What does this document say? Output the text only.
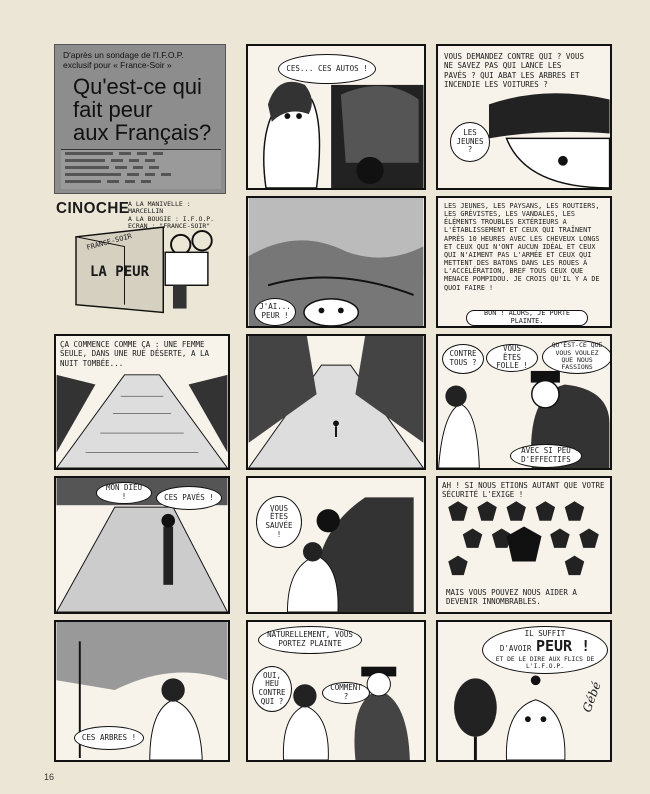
D'après un sondage de l'I.F.O.P.
exclusif pour « France-Soir »
Qu'est-ce qui
fait peur
aux Français?
CES... CES AUTOS !
VOUS DEMANDEZ CONTRE QUI ? VOUS NE SAVEZ PAS QUI LANCE LES PAVÉS ? QUI ABAT LES ARBRES ET INCENDIE LES VOITURES ?
LES JEUNES ?
CINOCHE
A LA MANIVELLE : MARCELLIN
A LA BOUGIE : I.F.O.P.
ECRAN : "FRANCE-SOIR"
FRANCE-SOIR
LA PEUR
J'AI... PEUR !
LES JEUNES, LES PAYSANS, LES ROUTIERS, LES GRÉVISTES, LES VANDALES, LES ÉLÉMENTS TROUBLES EXTÉRIEURS A L'ÉTABLISSEMENT ET CEUX QUI TRAÎNENT APRÈS 10 HEURES AVEC LES CHEVEUX LONGS ET CEUX QUI N'ONT AUCUN IDÉAL ET CEUX QUI N'AIMENT PAS L'ARMÉE ET CEUX QUI METTENT DES BATONS DANS LES ROUES À L'ACCÉLÉRATION, BREF TOUS CEUX QUE MENACE POMPIDOU. JE CROIS QU'IL Y A DE QUOI FAIRE !
BON ! ALORS, JE PORTE PLAINTE.
ÇA COMMENCE COMME ÇA : UNE FEMME SEULE, DANS UNE RUE DÉSERTE, A LA NUIT TOMBÉE...
CONTRE TOUS ?
VOUS ÊTES FOLLE !
QU'EST-CE QUE VOUS VOULEZ QUE NOUS FASSIONS
AVEC SI PEU D'EFFECTIFS
MON DIEU !	CES PAVÉS !
VOUS ÊTES SAUVÉE !
AH ! SI NOUS ETIONS AUTANT QUE VOTRE SÉCURITÉ L'EXIGE !
MAIS VOUS POUVEZ NOUS AIDER A DEVENIR INNOMBRABLES.
CES ARBRES !
NATURELLEMENT, VOUS PORTEZ PLAINTE
OUI, HEU CONTRE QUI ?
COMMENT ?
IL SUFFIT
D'AVOIR PEUR !
ET DE LE DIRE AUX FLICS DE L'I.F.O.P.
Gébé
16
